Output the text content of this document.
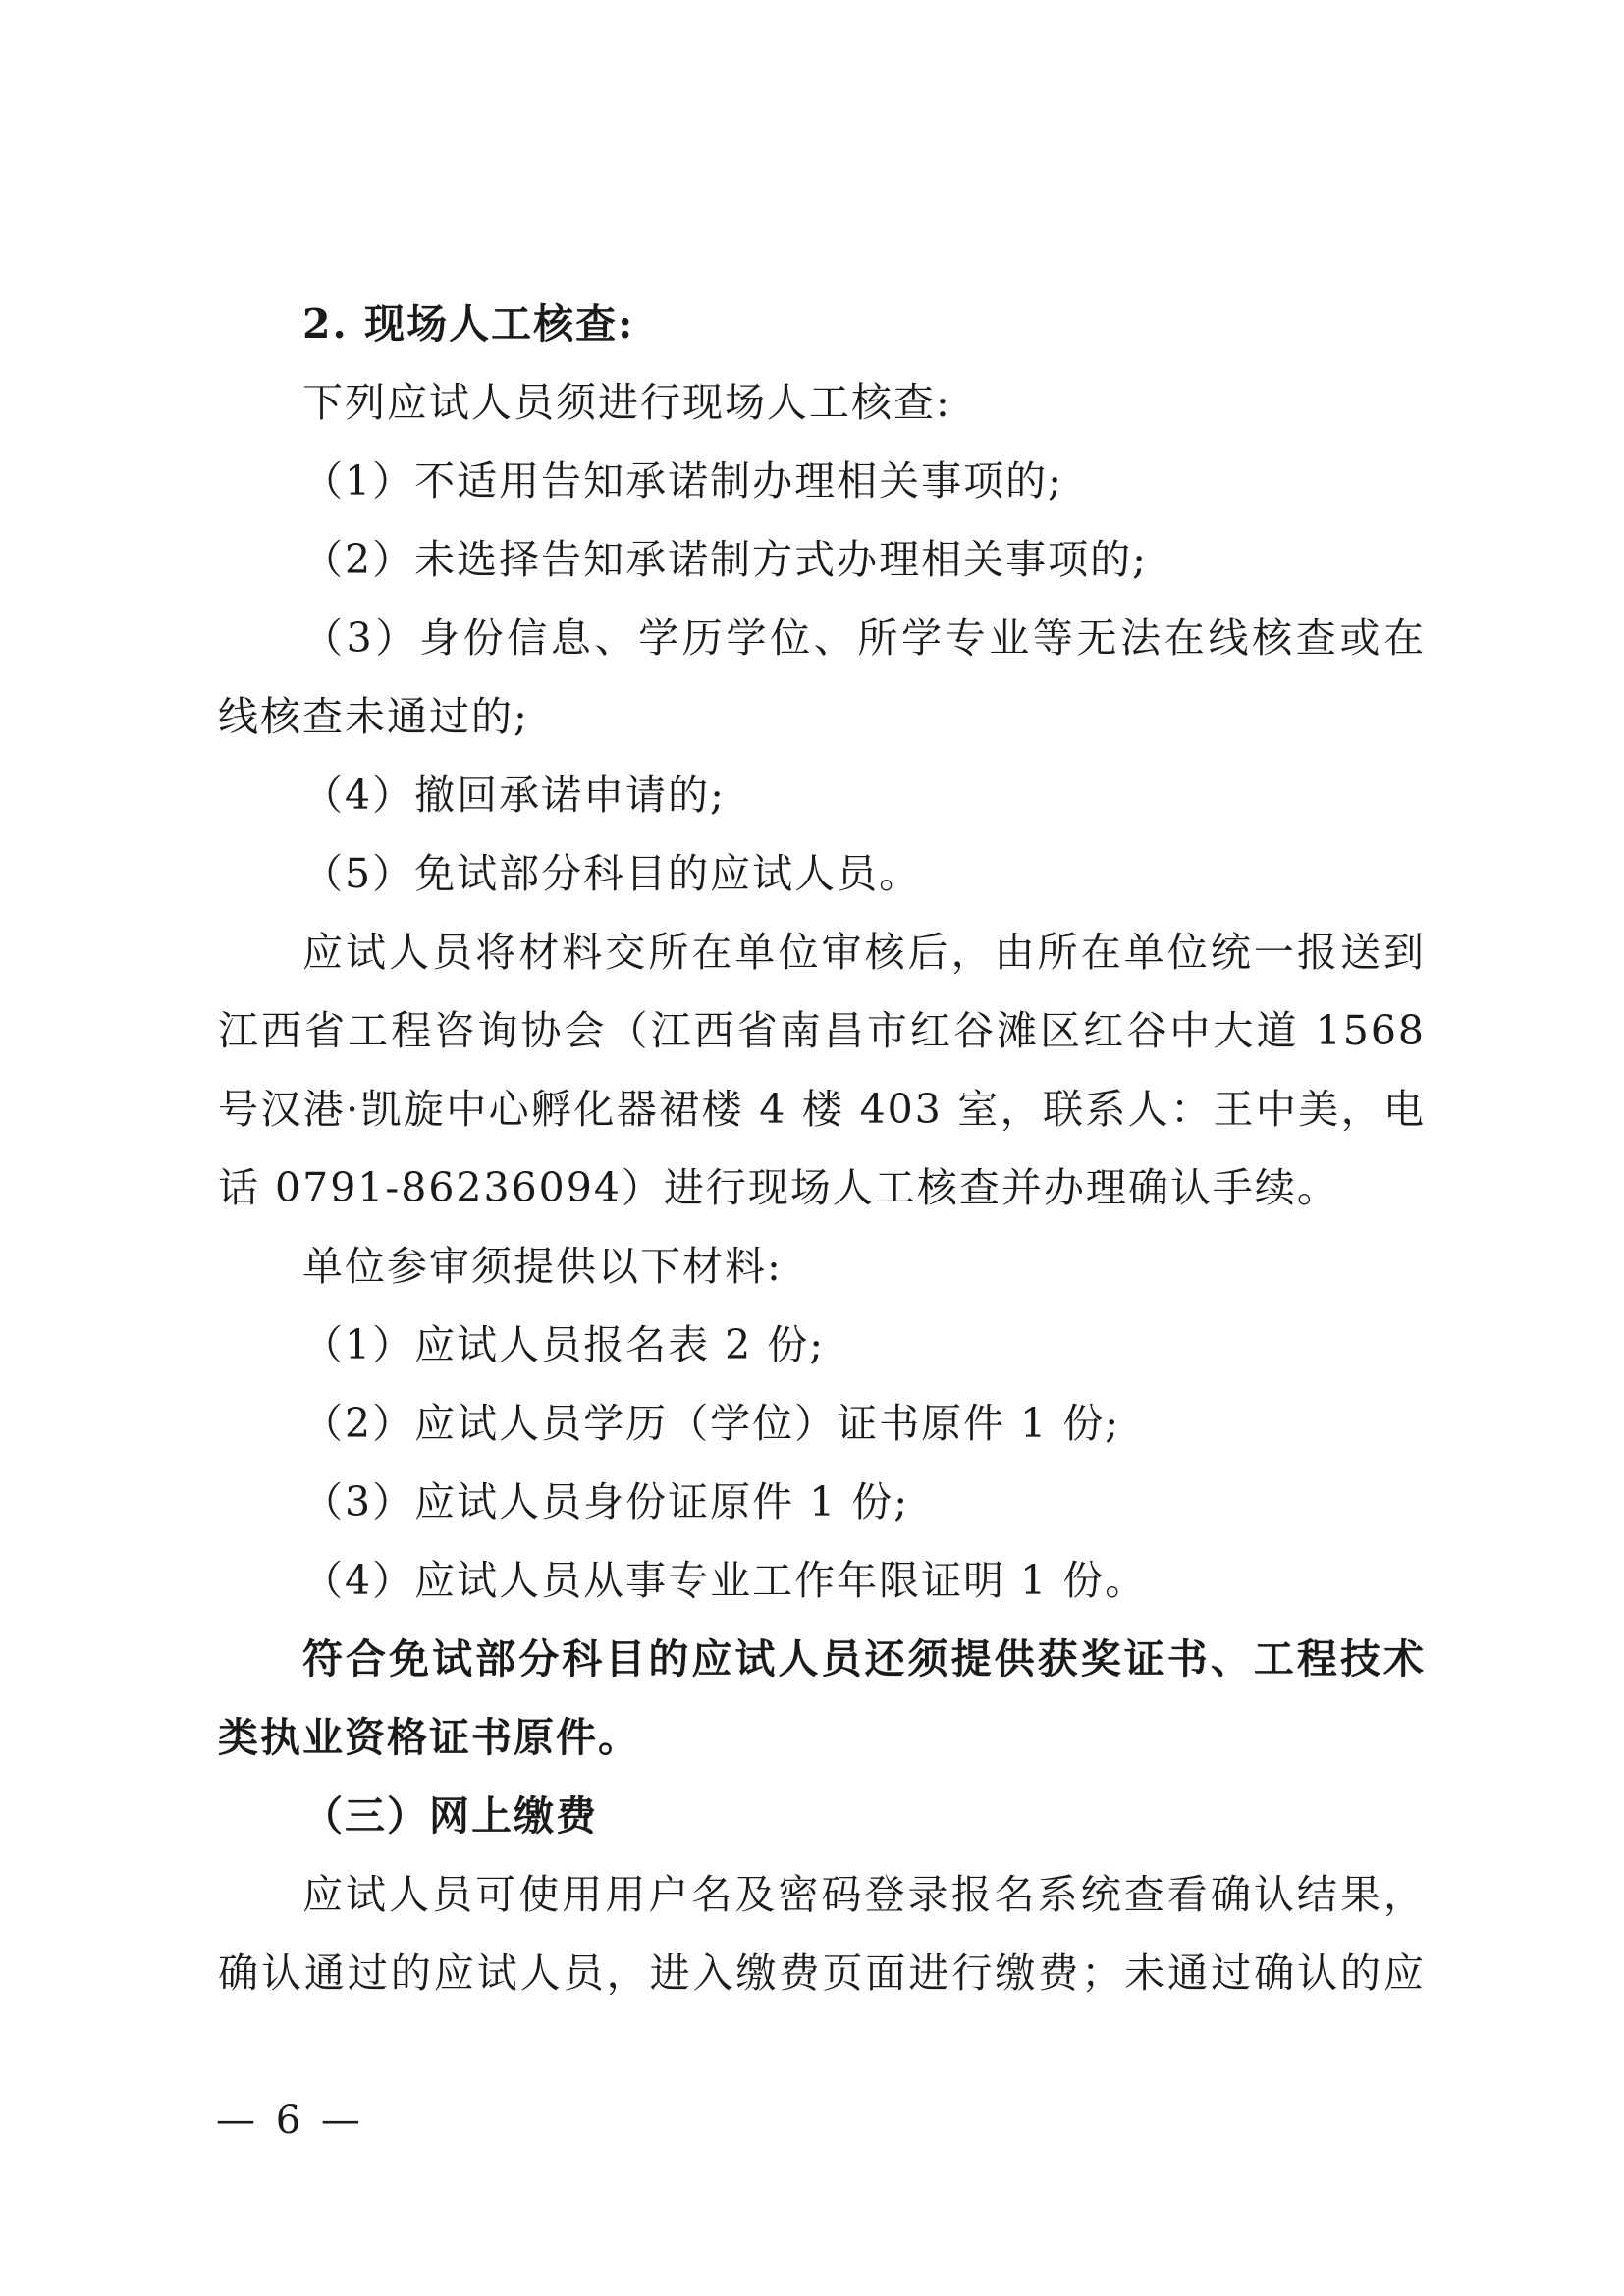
2. 现场人工核查:
下列应试人员须进行现场人工核查:
（1）不适用告知承诺制办理相关事项的;
（2）未选择告知承诺制方式办理相关事项的;
（3）身份信息、学历学位、所学专业等无法在线核查或在
线核查未通过的;
（4）撤回承诺申请的;
（5）免试部分科目的应试人员。
应试人员将材料交所在单位审核后，由所在单位统一报送到
江西省工程咨询协会（江西省南昌市红谷滩区红谷中大道 1568
号汉港·凯旋中心孵化器裙楼 4 楼 403 室，联系人：王中美，电
话 0791-86236094）进行现场人工核查并办理确认手续。
单位参审须提供以下材料:
（1）应试人员报名表 2 份;
（2）应试人员学历（学位）证书原件 1 份;
（3）应试人员身份证原件 1 份;
（4）应试人员从事专业工作年限证明 1 份。
符合免试部分科目的应试人员还须提供获奖证书、工程技术
类执业资格证书原件。
（三）网上缴费
应试人员可使用用户名及密码登录报名系统查看确认结果，
确认通过的应试人员，进入缴费页面进行缴费；未通过确认的应
— 6 —
